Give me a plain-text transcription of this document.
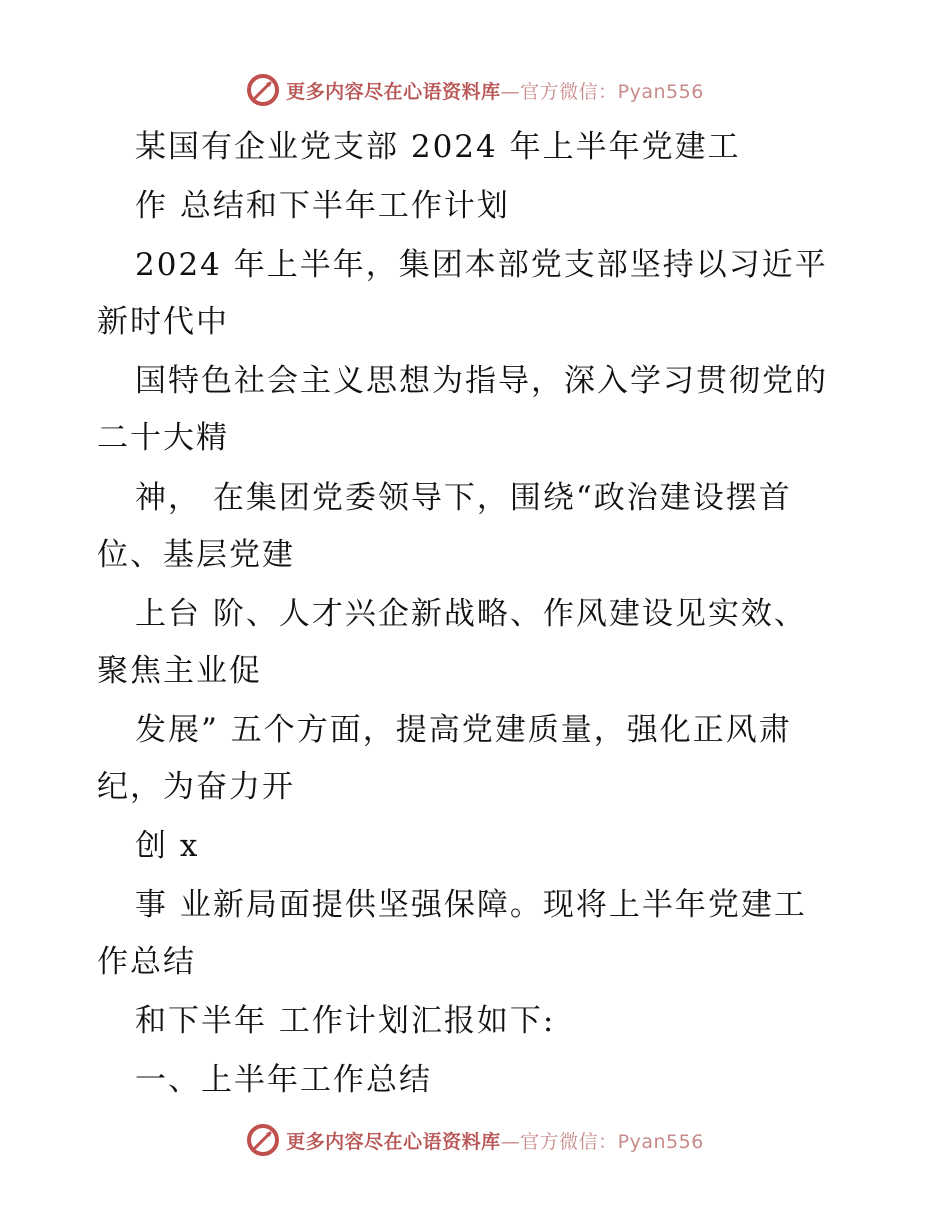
更多内容尽在心语资料库—官方微信：Pyan556
某国有企业党支部 2024 年上半年党建工
作 总结和下半年工作计划
2024 年上半年，集团本部党支部坚持以习近平
新时代中
国特色社会主义思想为指导，深入学习贯彻党的
二十大精
神， 在集团党委领导下，围绕“政治建设摆首
位、基层党建
上台 阶、人才兴企新战略、作风建设见实效、
聚焦主业促
发展” 五个方面，提高党建质量，强化正风肃
纪，为奋力开
创 x
事 业新局面提供坚强保障。现将上半年党建工
作总结
和下半年 工作计划汇报如下:
一、上半年工作总结
更多内容尽在心语资料库—官方微信：Pyan556
